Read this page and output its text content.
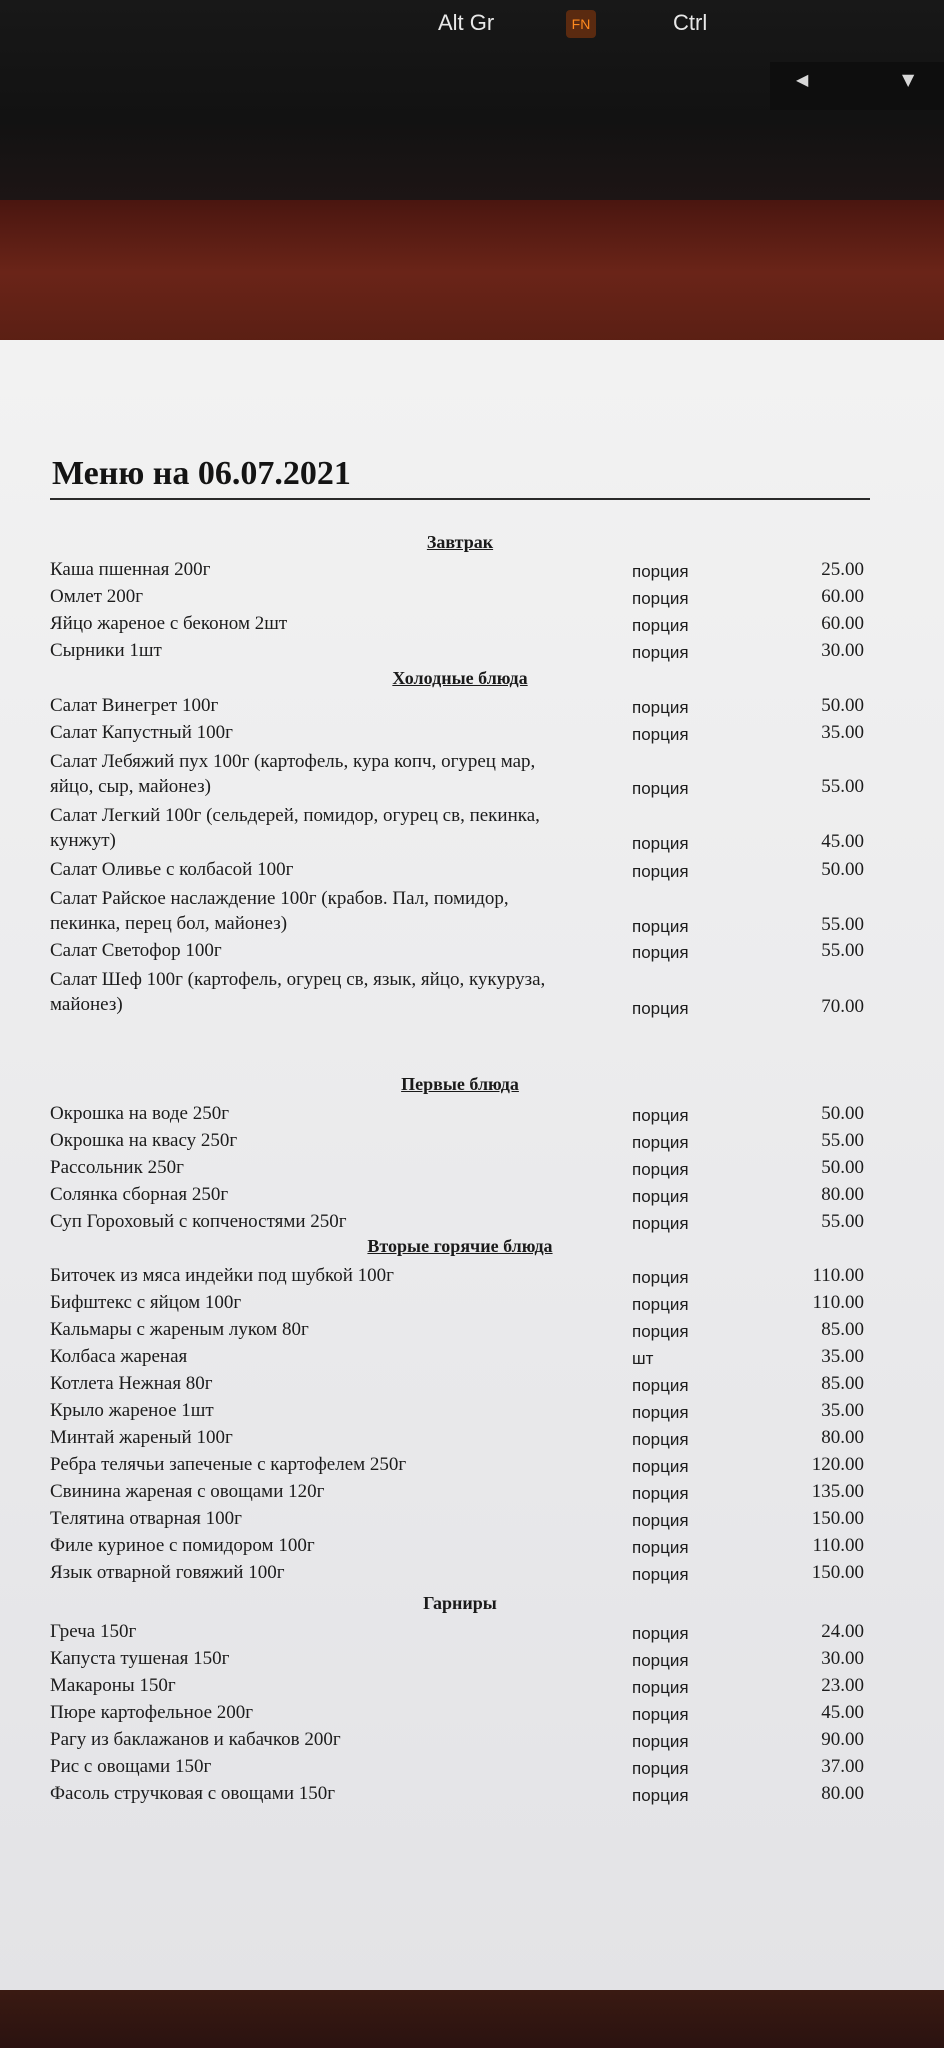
Alt Gr	FN	Ctrl
◀	▼
Меню на 06.07.2021
Завтрак
Каша пшенная 200г	порция	25.00
Омлет 200г	порция	60.00
Яйцо жареное с беконом 2шт	порция	60.00
Сырники 1шт	порция	30.00
Холодные блюда
Салат Винегрет 100г	порция	50.00
Салат Капустный 100г	порция	35.00
Салат Лебяжий пух 100г (картофель, кура копч, огурец мар,
яйцо, сыр, майонез)	порция	55.00
Салат Легкий 100г (сельдерей, помидор, огурец св, пекинка,
кунжут)	порция	45.00
Салат Оливье с колбасой 100г	порция	50.00
Салат Райское наслаждение 100г (крабов. Пал, помидор,
пекинка, перец бол, майонез)	порция	55.00
Салат Светофор 100г	порция	55.00
Салат Шеф 100г (картофель, огурец св, язык, яйцо, кукуруза,
майонез)	порция	70.00
Первые блюда
Окрошка на воде 250г	порция	50.00
Окрошка на квасу 250г	порция	55.00
Рассольник 250г	порция	50.00
Солянка сборная 250г	порция	80.00
Суп Гороховый с копченостями 250г	порция	55.00
Вторые горячие блюда
Биточек из мяса индейки под шубкой 100г	порция	110.00
Бифштекс с яйцом 100г	порция	110.00
Кальмары с жареным луком 80г	порция	85.00
Колбаса жареная	шт	35.00
Котлета Нежная 80г	порция	85.00
Крыло жареное 1шт	порция	35.00
Минтай жареный 100г	порция	80.00
Ребра телячьи запеченые с картофелем 250г	порция	120.00
Свинина жареная с овощами 120г	порция	135.00
Телятина отварная 100г	порция	150.00
Филе куриное с помидором 100г	порция	110.00
Язык отварной говяжий 100г	порция	150.00
Гарниры
Греча 150г	порция	24.00
Капуста тушеная 150г	порция	30.00
Макароны 150г	порция	23.00
Пюре картофельное 200г	порция	45.00
Рагу из баклажанов и кабачков 200г	порция	90.00
Рис с овощами 150г	порция	37.00
Фасоль стручковая с овощами 150г	порция	80.00
